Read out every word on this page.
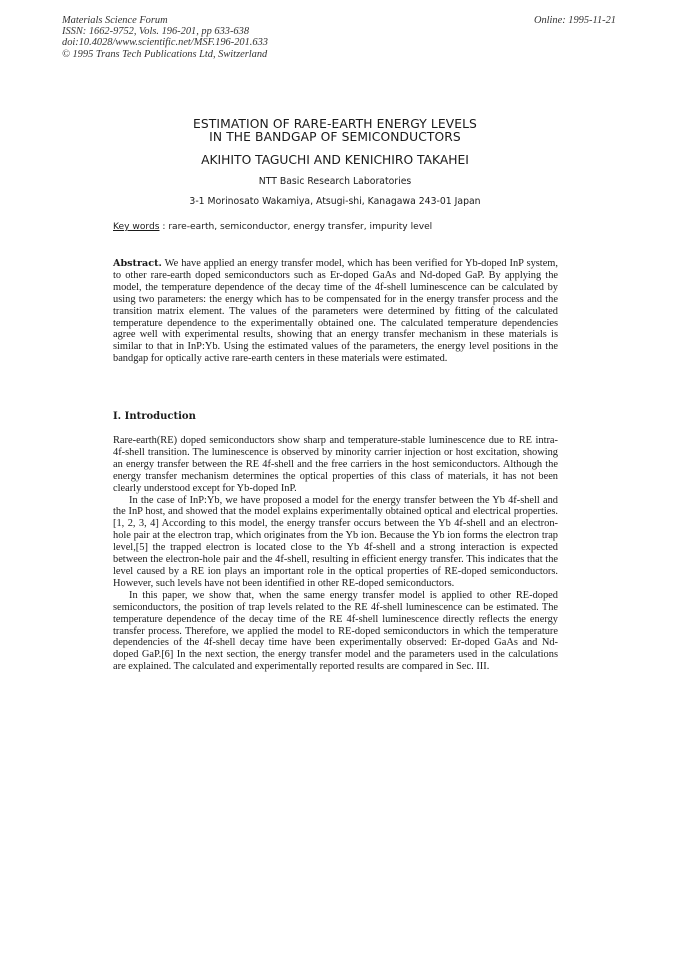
Materials Science Forum
ISSN: 1662-9752, Vols. 196-201, pp 633-638
doi:10.4028/www.scientific.net/MSF.196-201.633
© 1995 Trans Tech Publications Ltd, Switzerland
Online: 1995-11-21
ESTIMATION OF RARE-EARTH ENERGY LEVELS
IN THE BANDGAP OF SEMICONDUCTORS
AKIHITO TAGUCHI AND KENICHIRO TAKAHEI
NTT Basic Research Laboratories
3-1 Morinosato Wakamiya, Atsugi-shi, Kanagawa 243-01 Japan
Key words : rare-earth, semiconductor, energy transfer, impurity level
Abstract. We have applied an energy transfer model, which has been verified for Yb-doped InP system, to other rare-earth doped semiconductors such as Er-doped GaAs and Nd-doped GaP. By applying the model, the temperature dependence of the decay time of the 4f-shell luminescence can be calculated by using two parameters: the energy which has to be compensated for in the energy transfer process and the transition matrix element. The values of the parameters were determined by fitting of the calculated temperature dependence to the experimentally obtained one. The calculated temperature dependencies agree well with experimental results, showing that an energy transfer mechanism in these materials is similar to that in InP:Yb. Using the estimated values of the parameters, the energy level positions in the bandgap for optically active rare-earth centers in these materials were estimated.
I. Introduction

Rare-earth(RE) doped semiconductors show sharp and temperature-stable luminescence due to RE intra-4f-shell transition. The luminescence is observed by minority carrier injection or host excitation, showing an energy transfer between the RE 4f-shell and the free carriers in the host semiconductors. Although the energy transfer mechanism determines the optical properties of this class of materials, it has not been clearly understood except for Yb-doped InP.

In the case of InP:Yb, we have proposed a model for the energy transfer between the Yb 4f-shell and the InP host, and showed that the model explains experimentally obtained optical and electrical properties.[1, 2, 3, 4] According to this model, the energy transfer occurs between the Yb 4f-shell and an electron-hole pair at the electron trap, which originates from the Yb ion. Because the Yb ion forms the electron trap level,[5] the trapped electron is located close to the Yb 4f-shell and a strong interaction is expected between the electron-hole pair and the 4f-shell, resulting in efficient energy transfer. This indicates that the level caused by a RE ion plays an important role in the optical properties of RE-doped semiconductors. However, such levels have not been identified in other RE-doped semiconductors.

In this paper, we show that, when the same energy transfer model is applied to other RE-doped semiconductors, the position of trap levels related to the RE 4f-shell luminescence can be estimated. The temperature dependence of the decay time of the RE 4f-shell luminescence directly reflects the energy transfer process. Therefore, we applied the model to RE-doped semiconductors in which the temperature dependencies of the 4f-shell decay time have been experimentally observed: Er-doped GaAs and Nd-doped GaP.[6] In the next section, the energy transfer model and the parameters used in the calculations are explained. The calculated and experimentally reported results are compared in Sec. III.
